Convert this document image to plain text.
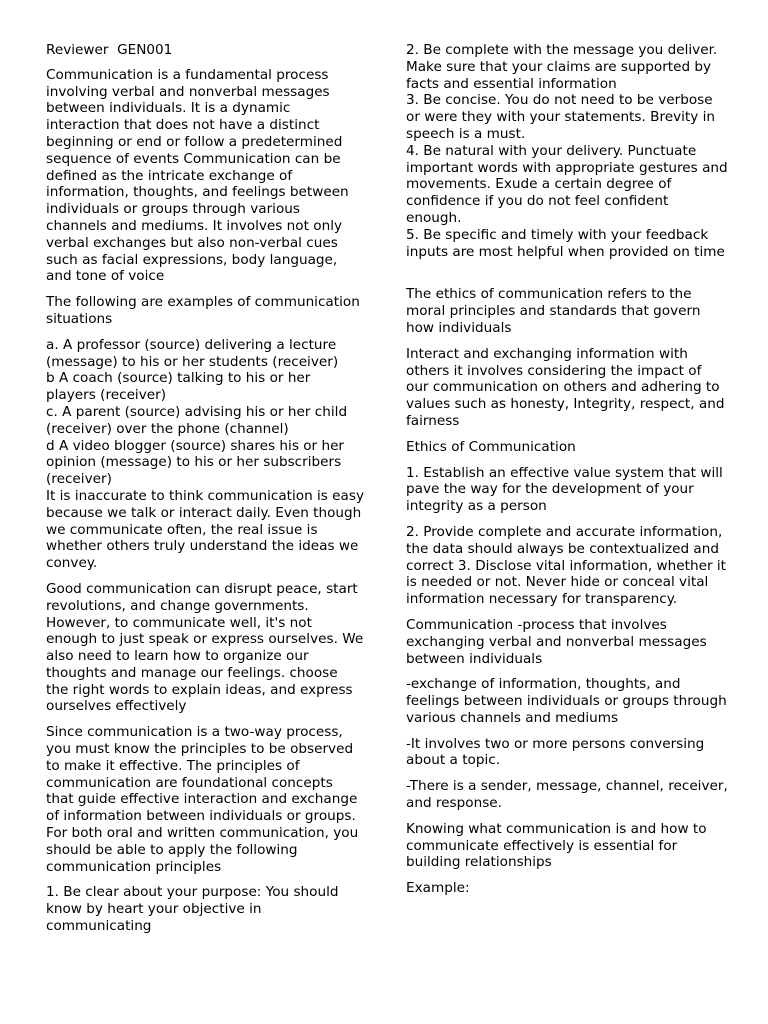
Reviewer  GEN001

Communication is a fundamental process involving verbal and nonverbal messages between individuals. It is a dynamic interaction that does not have a distinct beginning or end or follow a predetermined sequence of events Communication can be defined as the intricate exchange of information, thoughts, and feelings between individuals or groups through various channels and mediums. It involves not only verbal exchanges but also non-verbal cues such as facial expressions, body language, and tone of voice

The following are examples of communication situations

a. A professor (source) delivering a lecture (message) to his or her students (receiver)
b A coach (source) talking to his or her players (receiver)
c. A parent (source) advising his or her child (receiver) over the phone (channel)
d A video blogger (source) shares his or her opinion (message) to his or her subscribers (receiver)
It is inaccurate to think communication is easy because we talk or interact daily. Even though we communicate often, the real issue is whether others truly understand the ideas we convey.

Good communication can disrupt peace, start revolutions, and change governments. However, to communicate well, it's not enough to just speak or express ourselves. We also need to learn how to organize our thoughts and manage our feelings. choose the right words to explain ideas, and express ourselves effectively

Since communication is a two-way process, you must know the principles to be observed to make it effective. The principles of communication are foundational concepts that guide effective interaction and exchange of information between individuals or groups. For both oral and written communication, you should be able to apply the following communication principles

1. Be clear about your purpose: You should know by heart your objective in communicating

2. Be complete with the message you deliver. Make sure that your claims are supported by facts and essential information
3. Be concise. You do not need to be verbose or were they with your statements. Brevity in speech is a must.
4. Be natural with your delivery. Punctuate important words with appropriate gestures and movements. Exude a certain degree of confidence if you do not feel confident enough.
5. Be specific and timely with your feedback inputs are most helpful when provided on time

The ethics of communication refers to the moral principles and standards that govern how individuals

Interact and exchanging information with others it involves considering the impact of our communication on others and adhering to values such as honesty, Integrity, respect, and fairness

Ethics of Communication

1. Establish an effective value system that will pave the way for the development of your integrity as a person

2. Provide complete and accurate information, the data should always be contextualized and correct 3. Disclose vital information, whether it is needed or not. Never hide or conceal vital information necessary for transparency.

Communication -process that involves exchanging verbal and nonverbal messages between individuals

-exchange of information, thoughts, and feelings between individuals or groups through various channels and mediums

-It involves two or more persons conversing about a topic.

-There is a sender, message, channel, receiver, and response.

Knowing what communication is and how to communicate effectively is essential for building relationships

Example:
